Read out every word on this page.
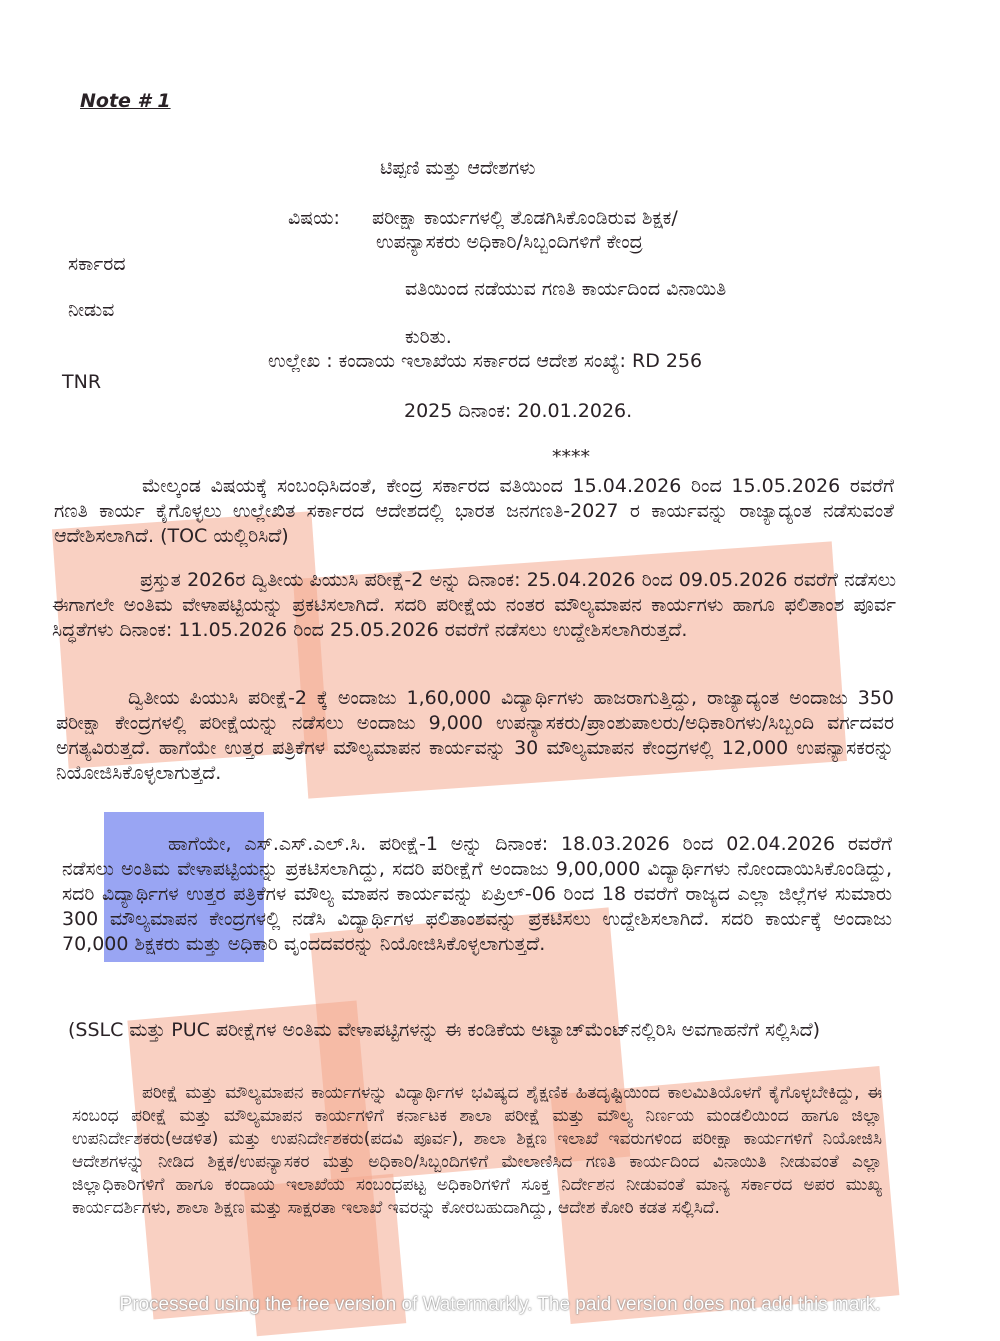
Note # 1
ಟಿಪ್ಪಣಿ ಮತ್ತು ಆದೇಶಗಳು
ವಿಷಯ: ಪರೀಕ್ಷಾ ಕಾರ್ಯಗಳಲ್ಲಿ ತೊಡಗಿಸಿಕೊಂಡಿರುವ ಶಿಕ್ಷಕ/
ಉಪನ್ಯಾಸಕರು ಅಧಿಕಾರಿ/ಸಿಬ್ಬಂದಿಗಳಿಗೆ ಕೇಂದ್ರ
ಸರ್ಕಾರದ
ವತಿಯಿಂದ ನಡೆಯುವ ಗಣತಿ ಕಾರ್ಯದಿಂದ ವಿನಾಯಿತಿ
ನೀಡುವ
ಕುರಿತು.
ಉಲ್ಲೇಖ : ಕಂದಾಯ ಇಲಾಖೆಯ ಸರ್ಕಾರದ ಆದೇಶ ಸಂಖ್ಯೆ: RD 256
TNR
2025 ದಿನಾಂಕ: 20.01.2026.
****

ಮೇಲ್ಕಂಡ ವಿಷಯಕ್ಕೆ ಸಂಬಂಧಿಸಿದಂತೆ, ಕೇಂದ್ರ ಸರ್ಕಾರದ ವತಿಯಿಂದ 15.04.2026 ರಿಂದ 15.05.2026 ರವರೆಗೆ ಗಣತಿ ಕಾರ್ಯ ಕೈಗೊಳ್ಳಲು ಉಲ್ಲೇಖಿತ ಸರ್ಕಾರದ ಆದೇಶದಲ್ಲಿ ಭಾರತ ಜನಗಣತಿ-2027 ರ ಕಾರ್ಯವನ್ನು ರಾಜ್ಯಾದ್ಯಂತ ನಡೆಸುವಂತೆ ಆದೇಶಿಸಲಾಗಿದೆ. (TOC ಯಲ್ಲಿರಿಸಿದೆ)

ಪ್ರಸ್ತುತ 2026ರ ದ್ವಿತೀಯ ಪಿಯುಸಿ ಪರೀಕ್ಷೆ-2 ಅನ್ನು ದಿನಾಂಕ: 25.04.2026 ರಿಂದ 09.05.2026 ರವರೆಗೆ ನಡೆಸಲು ಈಗಾಗಲೇ ಅಂತಿಮ ವೇಳಾಪಟ್ಟಿಯನ್ನು ಪ್ರಕಟಿಸಲಾಗಿದೆ. ಸದರಿ ಪರೀಕ್ಷೆಯ ನಂತರ ಮೌಲ್ಯಮಾಪನ ಕಾರ್ಯಗಳು ಹಾಗೂ ಫಲಿತಾಂಶ ಪೂರ್ವ ಸಿದ್ಧತೆಗಳು ದಿನಾಂಕ: 11.05.2026 ರಿಂದ 25.05.2026 ರವರೆಗೆ ನಡೆಸಲು ಉದ್ದೇಶಿಸಲಾಗಿರುತ್ತದೆ.

ದ್ವಿತೀಯ ಪಿಯುಸಿ ಪರೀಕ್ಷೆ-2 ಕ್ಕೆ ಅಂದಾಜು 1,60,000 ವಿದ್ಯಾರ್ಥಿಗಳು ಹಾಜರಾಗುತ್ತಿದ್ದು, ರಾಜ್ಯಾದ್ಯಂತ ಅಂದಾಜು 350 ಪರೀಕ್ಷಾ ಕೇಂದ್ರಗಳಲ್ಲಿ ಪರೀಕ್ಷೆಯನ್ನು ನಡೆಸಲು ಅಂದಾಜು 9,000 ಉಪನ್ಯಾಸಕರು/ಪ್ರಾಂಶುಪಾಲರು/ಅಧಿಕಾರಿಗಳು/ಸಿಬ್ಬಂದಿ ವರ್ಗದವರ ಅಗತ್ಯವಿರುತ್ತದೆ. ಹಾಗೆಯೇ ಉತ್ತರ ಪತ್ರಿಕೆಗಳ ಮೌಲ್ಯಮಾಪನ ಕಾರ್ಯವನ್ನು 30 ಮೌಲ್ಯಮಾಪನ ಕೇಂದ್ರಗಳಲ್ಲಿ 12,000 ಉಪನ್ಯಾಸಕರನ್ನು ನಿಯೋಜಿಸಿಕೊಳ್ಳಲಾಗುತ್ತದೆ.

ಹಾಗೆಯೇ, ಎಸ್.ಎಸ್.ಎಲ್.ಸಿ. ಪರೀಕ್ಷೆ-1 ಅನ್ನು ದಿನಾಂಕ: 18.03.2026 ರಿಂದ 02.04.2026 ರವರೆಗೆ ನಡೆಸಲು ಅಂತಿಮ ವೇಳಾಪಟ್ಟಿಯನ್ನು ಪ್ರಕಟಿಸಲಾಗಿದ್ದು, ಸದರಿ ಪರೀಕ್ಷೆಗೆ ಅಂದಾಜು 9,00,000 ವಿದ್ಯಾರ್ಥಿಗಳು ನೋಂದಾಯಿಸಿಕೊಂಡಿದ್ದು, ಸದರಿ ವಿದ್ಯಾರ್ಥಿಗಳ ಉತ್ತರ ಪತ್ರಿಕೆಗಳ ಮೌಲ್ಯ ಮಾಪನ ಕಾರ್ಯವನ್ನು ಏಪ್ರಿಲ್-06 ರಿಂದ 18 ರವರೆಗೆ ರಾಜ್ಯದ ಎಲ್ಲಾ ಜಿಲ್ಲೆಗಳ ಸುಮಾರು 300 ಮೌಲ್ಯಮಾಪನ ಕೇಂದ್ರಗಳಲ್ಲಿ ನಡೆಸಿ ವಿದ್ಯಾರ್ಥಿಗಳ ಫಲಿತಾಂಶವನ್ನು ಪ್ರಕಟಿಸಲು ಉದ್ದೇಶಿಸಲಾಗಿದೆ. ಸದರಿ ಕಾರ್ಯಕ್ಕೆ ಅಂದಾಜು 70,000 ಶಿಕ್ಷಕರು ಮತ್ತು ಅಧಿಕಾರಿ ವೃಂದದವರನ್ನು ನಿಯೋಜಿಸಿಕೊಳ್ಳಲಾಗುತ್ತದೆ.

(SSLC ಮತ್ತು PUC ಪರೀಕ್ಷೆಗಳ ಅಂತಿಮ ವೇಳಾಪಟ್ಟಿಗಳನ್ನು ಈ ಕಂಡಿಕೆಯ ಅಟ್ಯಾಚ್‌ಮೆಂಟ್‌ನಲ್ಲಿರಿಸಿ ಅವಗಾಹನೆಗೆ ಸಲ್ಲಿಸಿದೆ)

ಪರೀಕ್ಷೆ ಮತ್ತು ಮೌಲ್ಯಮಾಪನ ಕಾರ್ಯಗಳನ್ನು ವಿದ್ಯಾರ್ಥಿಗಳ ಭವಿಷ್ಯದ ಶೈಕ್ಷಣಿಕ ಹಿತದೃಷ್ಟಿಯಿಂದ ಕಾಲಮಿತಿಯೊಳಗೆ ಕೈಗೊಳ್ಳಬೇಕಿದ್ದು, ಈ ಸಂಬಂಧ ಪರೀಕ್ಷೆ ಮತ್ತು ಮೌಲ್ಯಮಾಪನ ಕಾರ್ಯಗಳಿಗೆ ಕರ್ನಾಟಕ ಶಾಲಾ ಪರೀಕ್ಷೆ ಮತ್ತು ಮೌಲ್ಯ ನಿರ್ಣಯ ಮಂಡಲಿಯಿಂದ ಹಾಗೂ ಜಿಲ್ಲಾ ಉಪನಿರ್ದೇಶಕರು(ಆಡಳಿತ) ಮತ್ತು ಉಪನಿರ್ದೇಶಕರು(ಪದವಿ ಪೂರ್ವ), ಶಾಲಾ ಶಿಕ್ಷಣ ಇಲಾಖೆ ಇವರುಗಳಿಂದ ಪರೀಕ್ಷಾ ಕಾರ್ಯಗಳಿಗೆ ನಿಯೋಜಿಸಿ ಆದೇಶಗಳನ್ನು ನೀಡಿದ ಶಿಕ್ಷಕ/ಉಪನ್ಯಾಸಕರ ಮತ್ತು ಅಧಿಕಾರಿ/ಸಿಬ್ಬಂದಿಗಳಿಗೆ ಮೇಲಾಣಿಸಿದ ಗಣತಿ ಕಾರ್ಯದಿಂದ ವಿನಾಯಿತಿ ನೀಡುವಂತೆ ಎಲ್ಲಾ ಜಿಲ್ಲಾಧಿಕಾರಿಗಳಿಗೆ ಹಾಗೂ ಕಂದಾಯ ಇಲಾಖೆಯ ಸಂಬಂಧಪಟ್ಟ ಅಧಿಕಾರಿಗಳಿಗೆ ಸೂಕ್ತ ನಿರ್ದೇಶನ ನೀಡುವಂತೆ ಮಾನ್ಯ ಸರ್ಕಾರದ ಅಪರ ಮುಖ್ಯ ಕಾರ್ಯದರ್ಶಿಗಳು, ಶಾಲಾ ಶಿಕ್ಷಣ ಮತ್ತು ಸಾಕ್ಷರತಾ ಇಲಾಖೆ ಇವರನ್ನು ಕೋರಬಹುದಾಗಿದ್ದು, ಆದೇಶ ಕೋರಿ ಕಡತ ಸಲ್ಲಿಸಿದೆ.

Processed using the free version of Watermarkly. The paid version does not add this mark.
